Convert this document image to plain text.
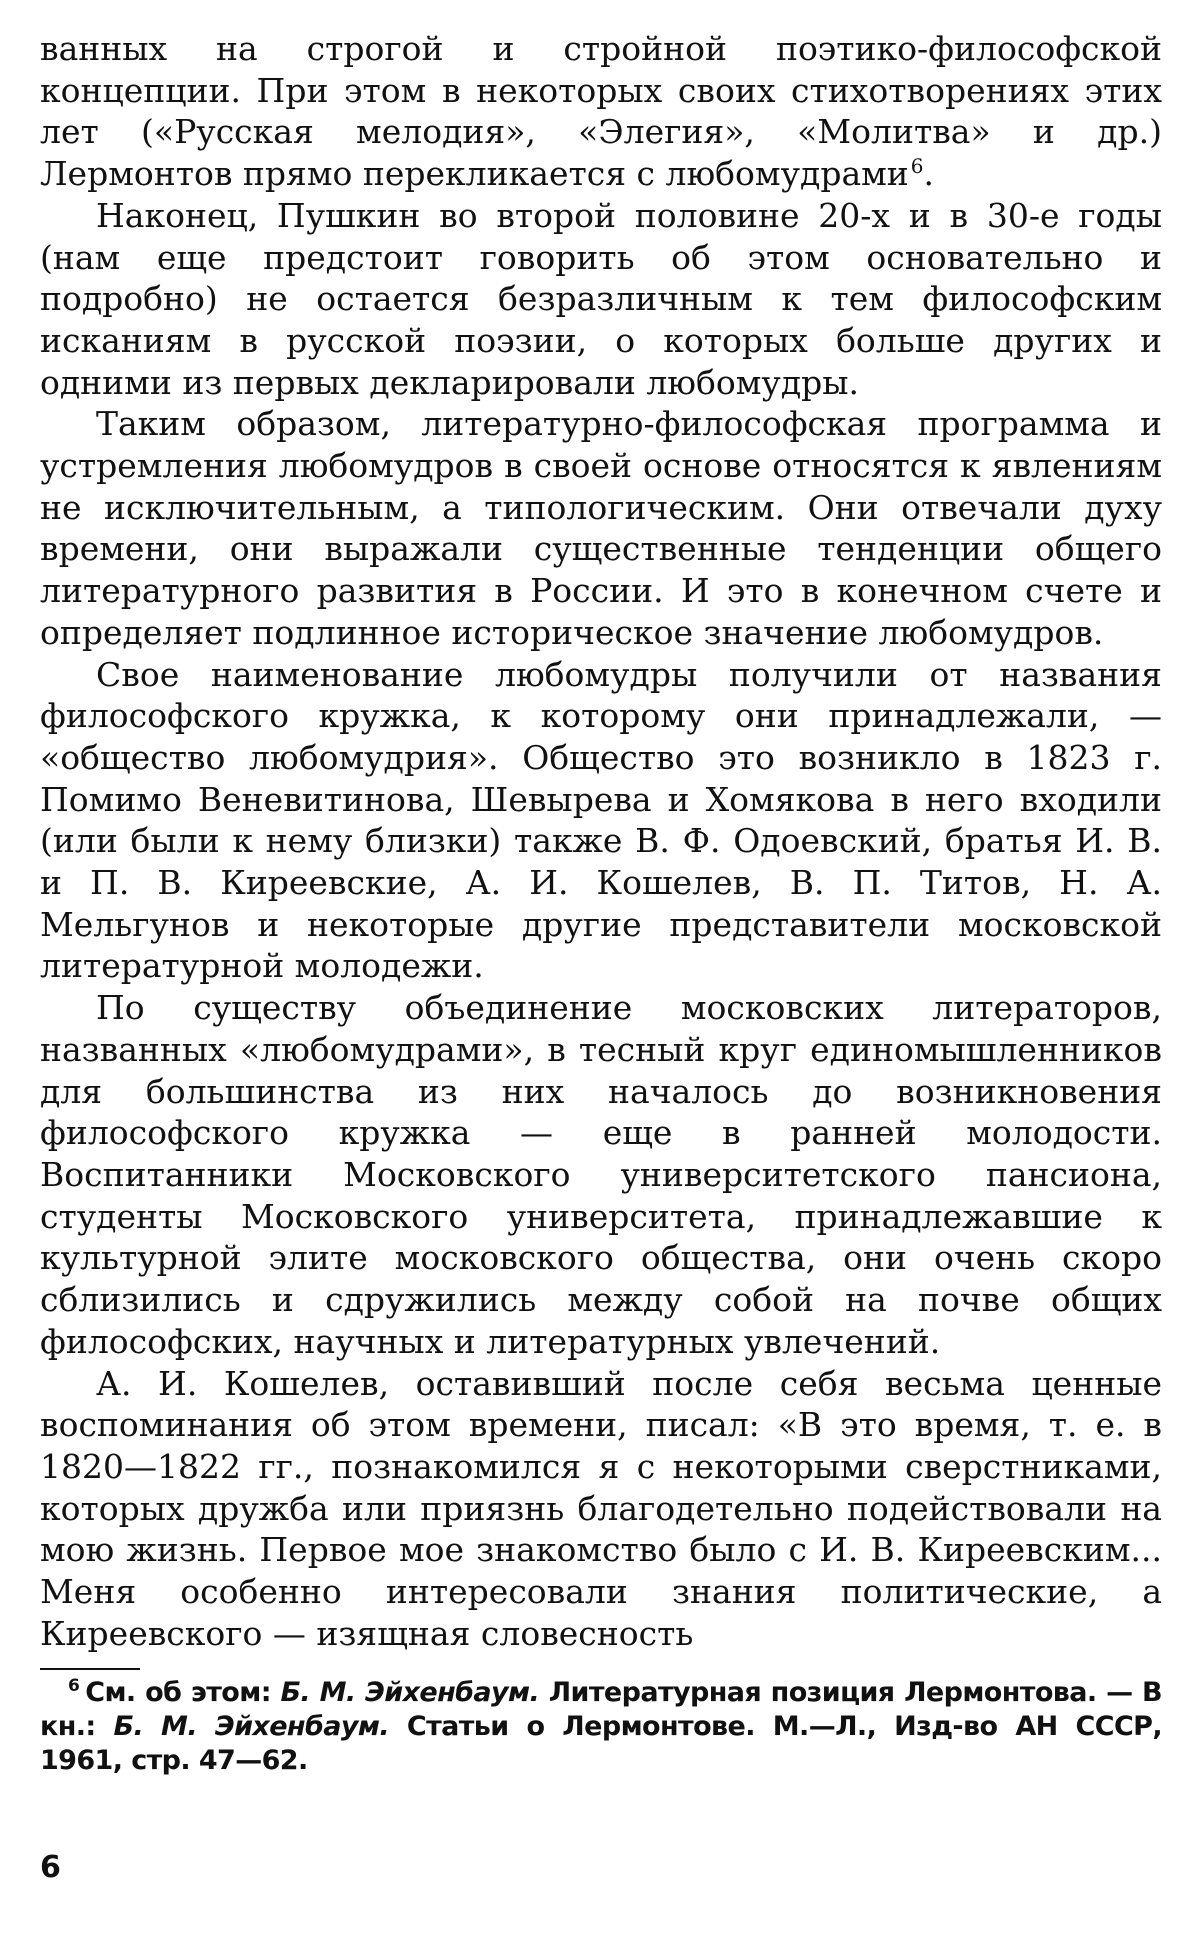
ванных на строгой и стройной поэтико-философской концепции. При этом в некоторых своих стихотворениях этих лет («Русская мелодия», «Элегия», «Молитва» и др.) Лермонтов прямо перекликается с любомудрами $^6$.

Наконец, Пушкин во второй половине 20-х и в 30-е годы (нам еще предстоит говорить об этом основательно и подробно) не остается безразличным к тем философским исканиям в русской поэзии, о которых больше других и одними из первых декларировали любомудры.

Таким образом, литературно-философская программа и устремления любомудров в своей основе относятся к явлениям не исключительным, а типологическим. Они отвечали духу времени, они выражали существенные тенденции общего литературного развития в России. И это в конечном счете и определяет подлинное историческое значение любомудров.

Свое наименование любомудры получили от названия философского кружка, к которому они принадлежали, — «общество любомудрия». Общество это возникло в 1823 г. Помимо Веневитинова, Шевырева и Хомякова в него входили (или были к нему близки) также В. Ф. Одоевский, братья И. В. и П. В. Киреевские, А. И. Кошелев, В. П. Титов, Н. А. Мельгунов и некоторые другие представители московской литературной молодежи.

По существу объединение московских литераторов, названных «любомудрами», в тесный круг единомышленников для большинства из них началось до возникновения философского кружка — еще в ранней молодости. Воспитанники Московского университетского пансиона, студенты Московского университета, принадлежавшие к культурной элите московского общества, они очень скоро сблизились и сдружились между собой на почве общих философских, научных и литературных увлечений.

А. И. Кошелев, оставивший после себя весьма ценные воспоминания об этом времени, писал: «В это время, т. е. в 1820—1822 гг., познакомился я с некоторыми сверстниками, которых дружба или приязнь благодетельно подействовали на мою жизнь. Первое мое знакомство было с И. В. Киреевским... Меня особенно интересовали знания политические, а Киреевского — изящная словесность

$^6$ См. об этом: Б. М. Эйхенбаум. Литературная позиция Лермонтова. — В кн.: Б. М. Эйхенбаум. Статьи о Лермонтове. М.—Л., Изд-во АН СССР, 1961, стр. 47—62.
6
